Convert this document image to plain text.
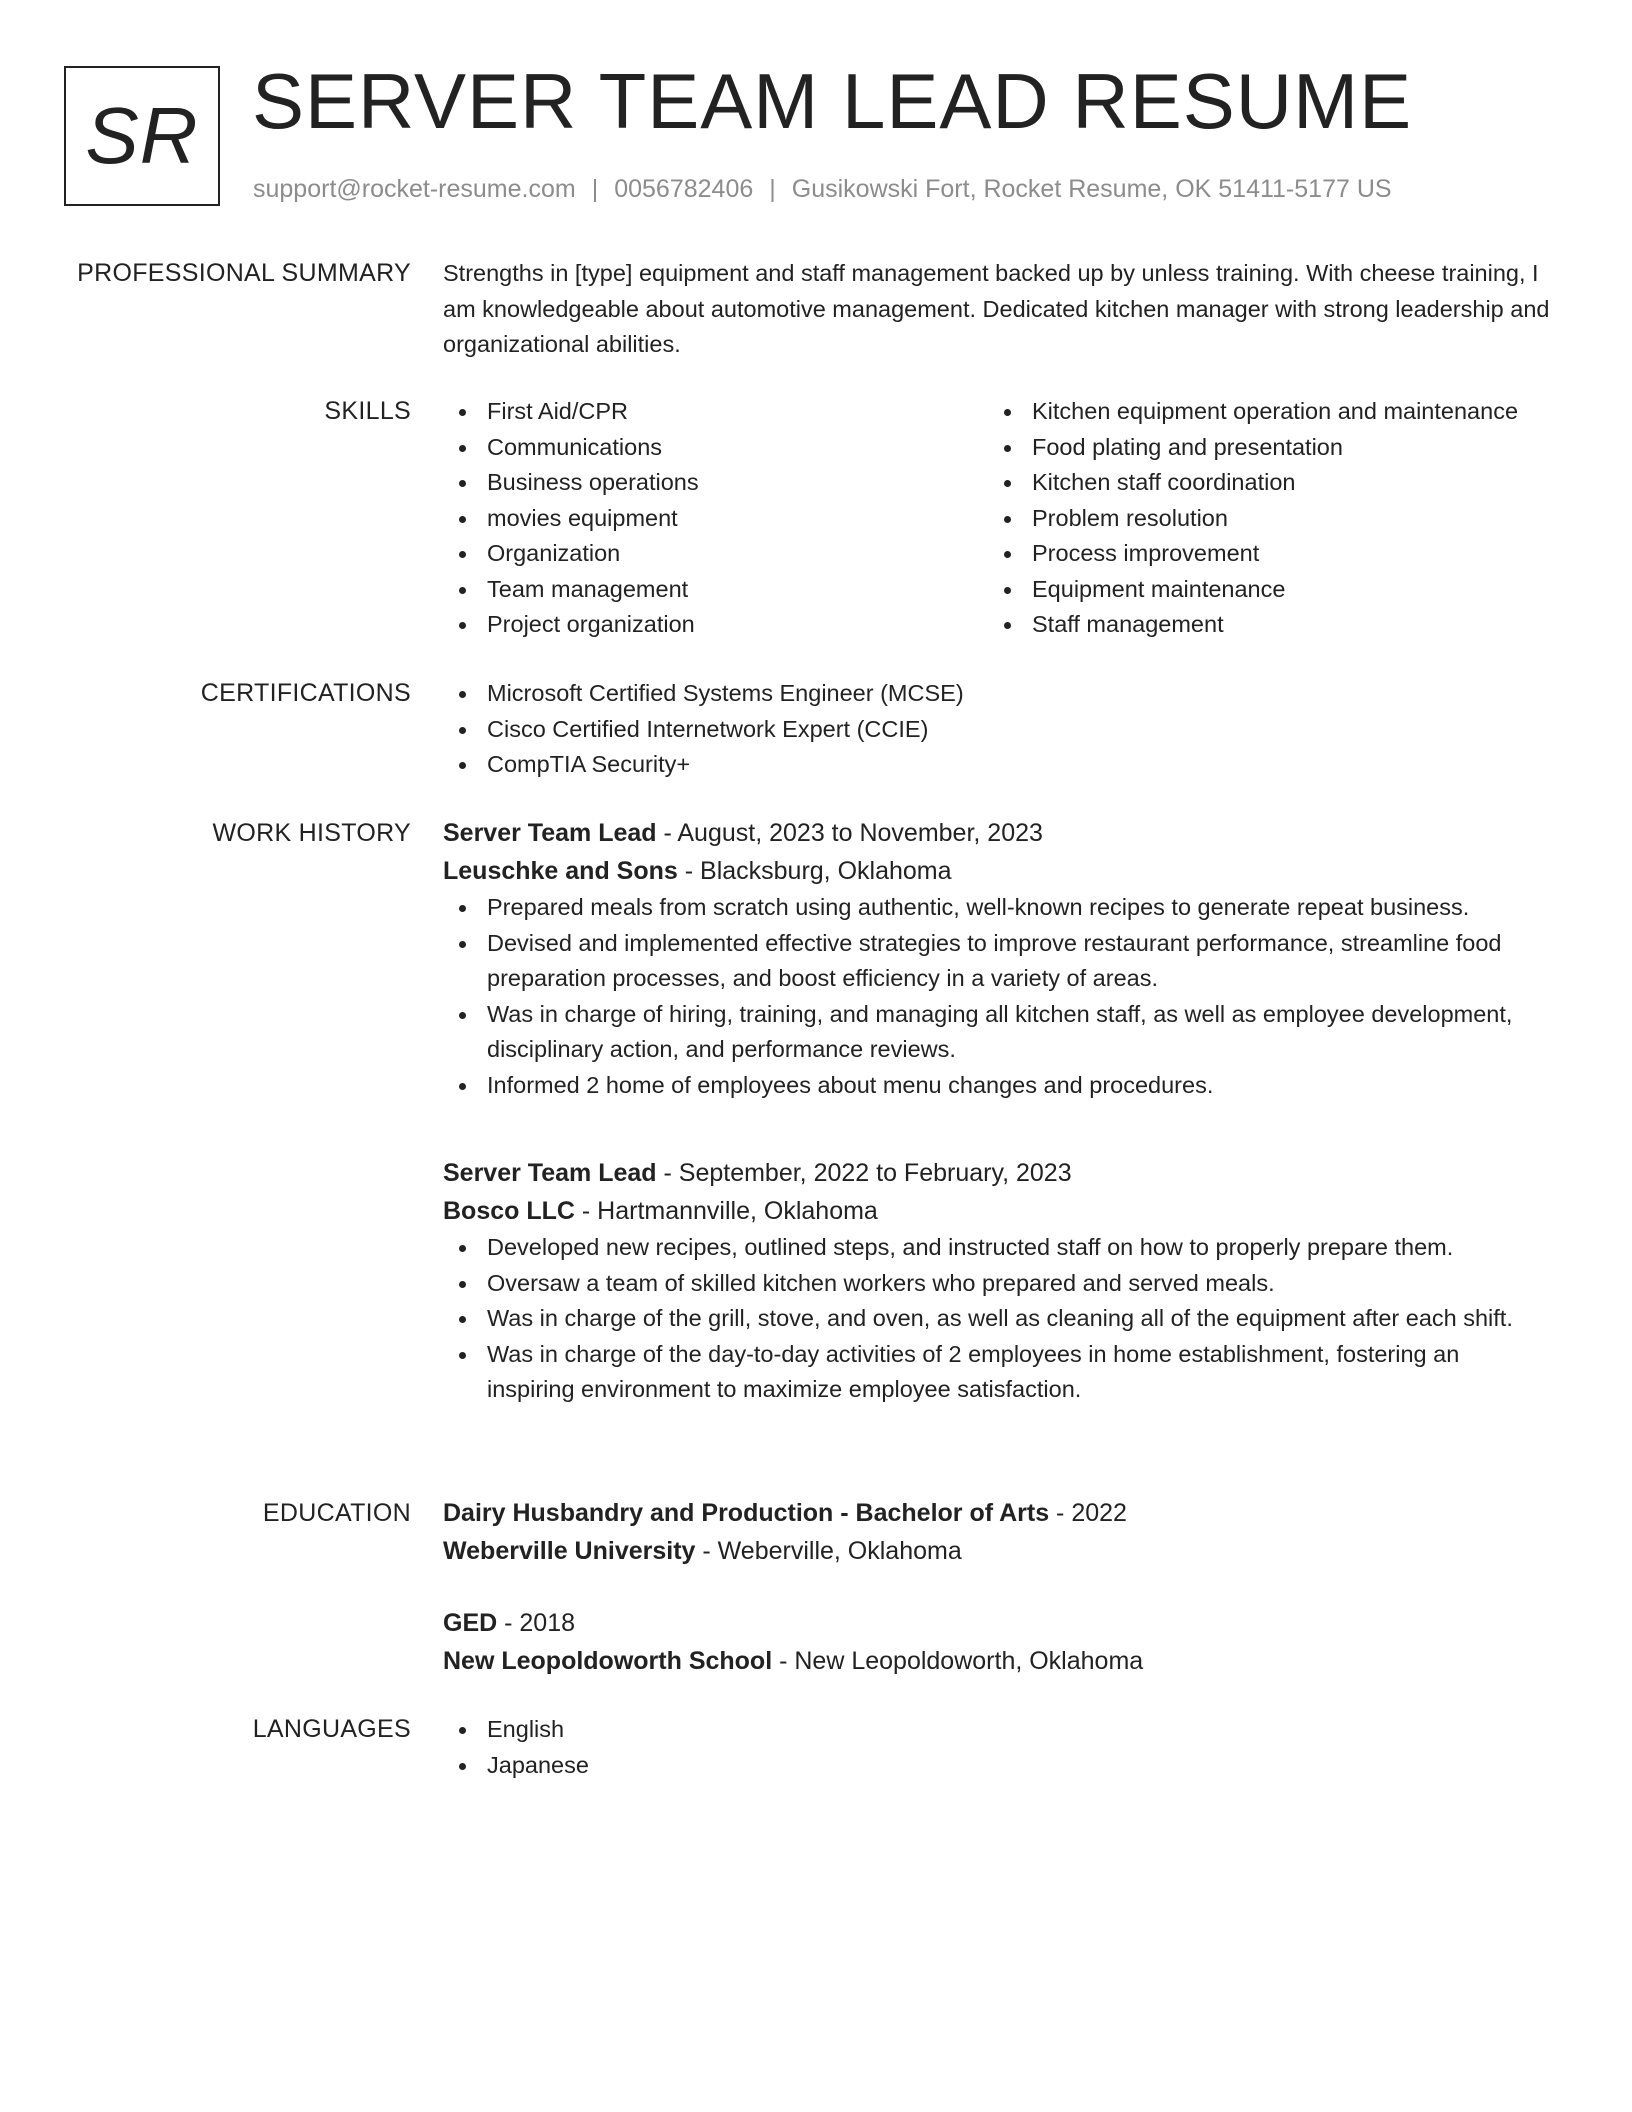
SR SERVER TEAM LEAD RESUME
support@rocket-resume.com | 0056782406 | Gusikowski Fort, Rocket Resume, OK 51411-5177 US
PROFESSIONAL SUMMARY Strengths in [type] equipment and staff management backed up by unless training. With cheese training, I am knowledgeable about automotive management. Dedicated kitchen manager with strong leadership and organizational abilities.

SKILLS	First Aid/CPR
Communications
Business operations
movies equipment
Organization
Team management
Project organization
Kitchen equipment operation and maintenance
Food plating and presentation
Kitchen staff coordination
Problem resolution
Process improvement
Equipment maintenance
Staff management
CERTIFICATIONS	Microsoft Certified Systems Engineer (MCSE)
Cisco Certified Internetwork Expert (CCIE)
CompTIA Security+
WORK HISTORY Server Team Lead - August, 2023 to November, 2023
Leuschke and Sons - Blacksburg, Oklahoma
Prepared meals from scratch using authentic, well-known recipes to generate repeat business.
Devised and implemented effective strategies to improve restaurant performance, streamline food preparation processes, and boost efficiency in a variety of areas.
Was in charge of hiring, training, and managing all kitchen staff, as well as employee development, disciplinary action, and performance reviews.
Informed 2 home of employees about menu changes and procedures.
Server Team Lead - September, 2022 to February, 2023
Bosco LLC - Hartmannville, Oklahoma
Developed new recipes, outlined steps, and instructed staff on how to properly prepare them.
Oversaw a team of skilled kitchen workers who prepared and served meals.
Was in charge of the grill, stove, and oven, as well as cleaning all of the equipment after each shift.
Was in charge of the day-to-day activities of 2 employees in home establishment, fostering an inspiring environment to maximize employee satisfaction.
EDUCATION Dairy Husbandry and Production - Bachelor of Arts - 2022
Weberville University - Weberville, Oklahoma
GED - 2018
New Leopoldoworth School - New Leopoldoworth, Oklahoma
LANGUAGES	English
Japanese
